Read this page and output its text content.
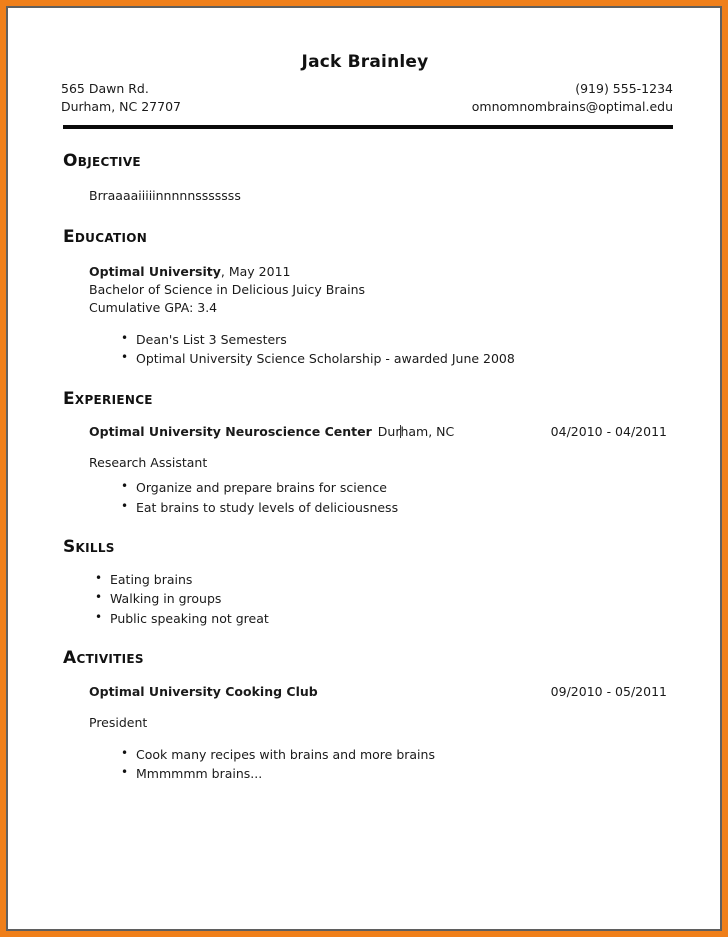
Jack Brainley
565 Dawn Rd.
Durham, NC 27707
(919) 555-1234
omnomnombrains@optimal.edu
Objective
Brraaaaiiiiinnnnnsssssss
Education
Optimal University, May 2011
Bachelor of Science in Delicious Juicy Brains
Cumulative GPA: 3.4
• Dean's List 3 Semesters
• Optimal University Science Scholarship - awarded June 2008
Experience
Optimal University Neuroscience Center Durham, NC	04/2010 - 04/2011
Research Assistant
• Organize and prepare brains for science
• Eat brains to study levels of deliciousness
Skills
• Eating brains
• Walking in groups
• Public speaking not great
Activities
Optimal University Cooking Club	09/2010 - 05/2011
President
• Cook many recipes with brains and more brains
• Mmmmmm brains...
